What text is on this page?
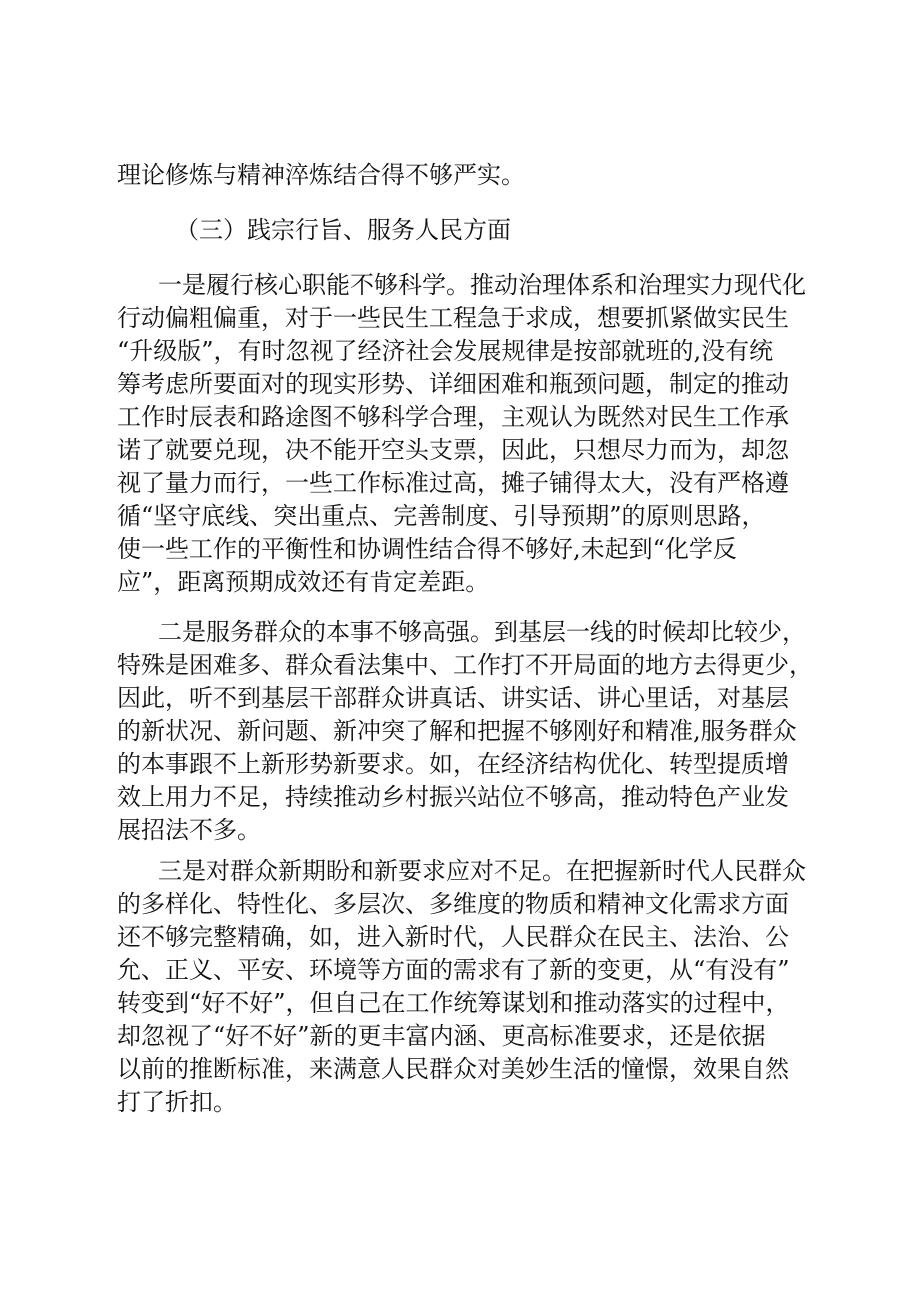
理论修炼与精神淬炼结合得不够严实。
（三）践宗行旨、服务人民方面
一是履行核心职能不够科学。推动治理体系和治理实力现代化
行动偏粗偏重，对于一些民生工程急于求成，想要抓紧做实民生
“升级版”，有时忽视了经济社会发展规律是按部就班的,没有统
筹考虑所要面对的现实形势、详细困难和瓶颈问题，制定的推动
工作时辰表和路途图不够科学合理，主观认为既然对民生工作承
诺了就要兑现，决不能开空头支票，因此，只想尽力而为，却忽
视了量力而行，一些工作标准过高，摊子铺得太大，没有严格遵
循“坚守底线、突出重点、完善制度、引导预期”的原则思路，
使一些工作的平衡性和协调性结合得不够好,未起到“化学反
应”，距离预期成效还有肯定差距。
二是服务群众的本事不够高强。到基层一线的时候却比较少，
特殊是困难多、群众看法集中、工作打不开局面的地方去得更少，
因此，听不到基层干部群众讲真话、讲实话、讲心里话，对基层
的新状况、新问题、新冲突了解和把握不够刚好和精准,服务群众
的本事跟不上新形势新要求。如，在经济结构优化、转型提质增
效上用力不足，持续推动乡村振兴站位不够高，推动特色产业发
展招法不多。
三是对群众新期盼和新要求应对不足。在把握新时代人民群众
的多样化、特性化、多层次、多维度的物质和精神文化需求方面
还不够完整精确，如，进入新时代，人民群众在民主、法治、公
允、正义、平安、环境等方面的需求有了新的变更，从“有没有”
转变到“好不好”，但自己在工作统筹谋划和推动落实的过程中，
却忽视了“好不好”新的更丰富内涵、更高标准要求，还是依据
以前的推断标准，来满意人民群众对美妙生活的憧憬，效果自然
打了折扣。
